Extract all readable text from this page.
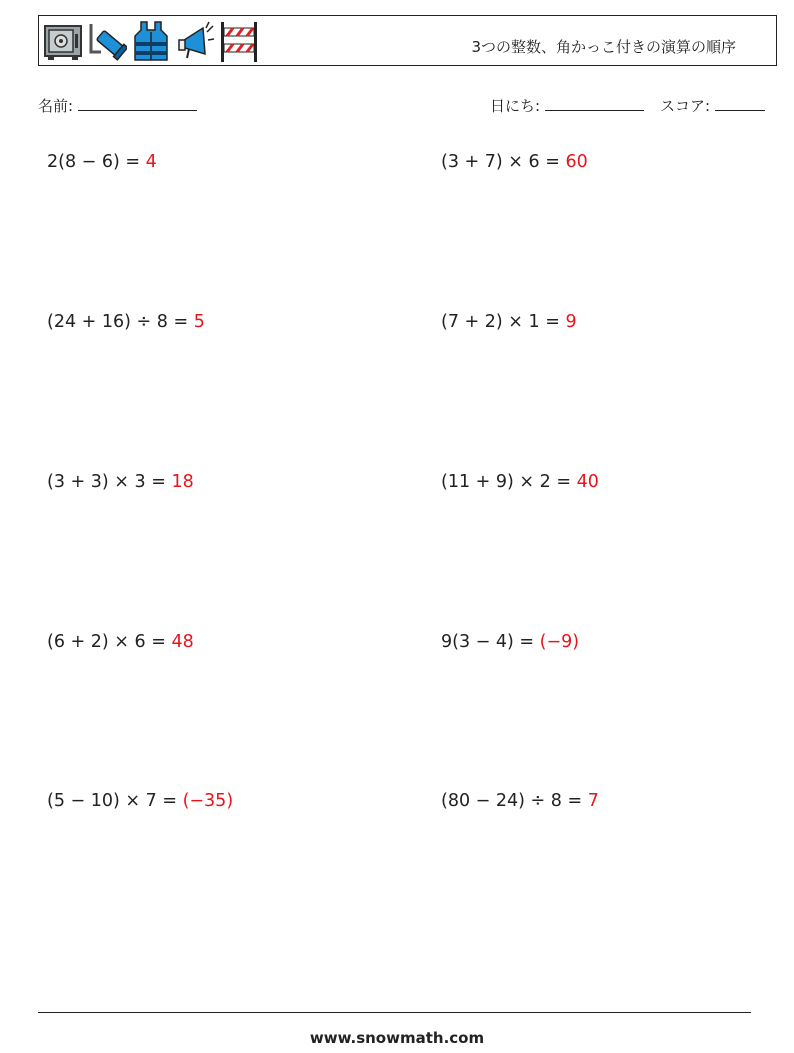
3つの整数、角かっこ付きの演算の順序
名前:	日にち:	スコア:
2(8 − 6) = 4	(3 + 7) × 6 = 60
(24 + 16) ÷ 8 = 5	(7 + 2) × 1 = 9
(3 + 3) × 3 = 18	(11 + 9) × 2 = 40
(6 + 2) × 6 = 48	9(3 − 4) = (−9)
(5 − 10) × 7 = (−35)	(80 − 24) ÷ 8 = 7
www.snowmath.com
